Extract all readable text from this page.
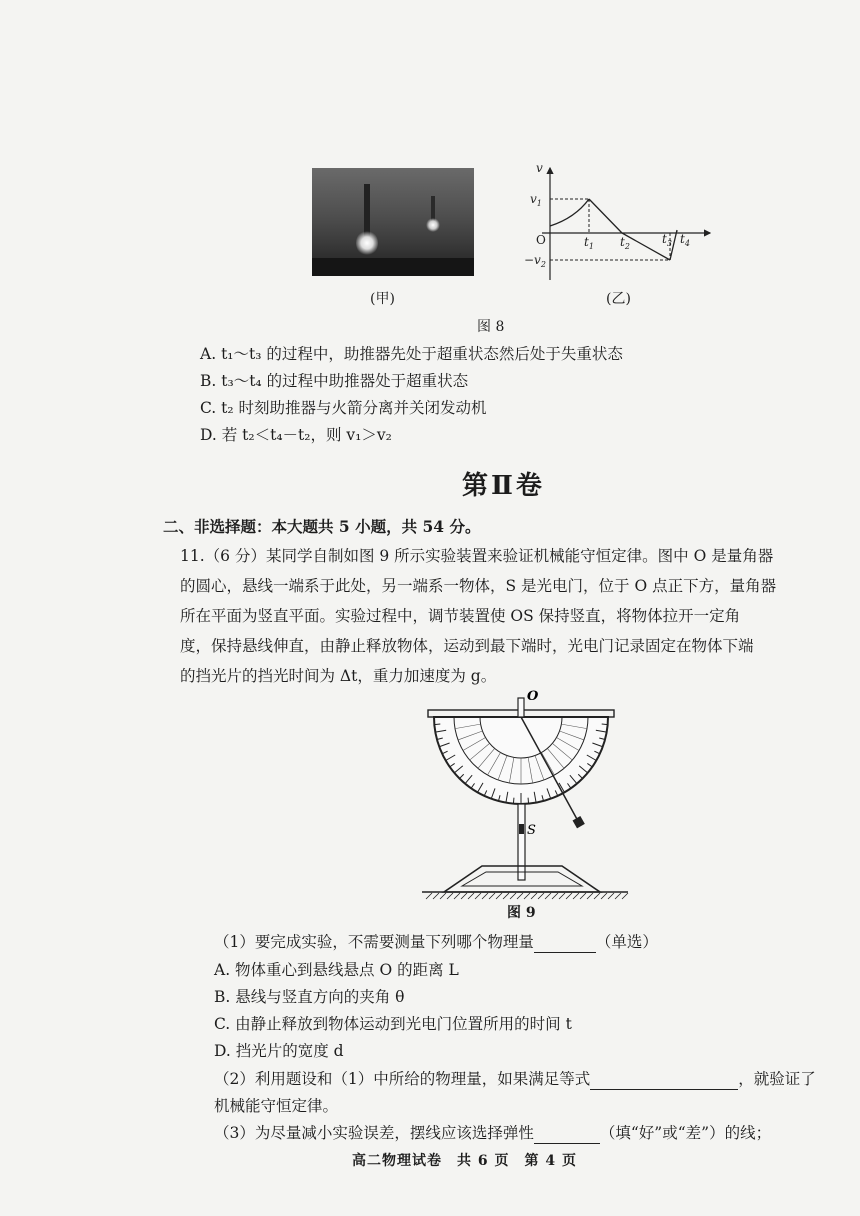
(甲)
v
$v_1$
O	$t_1$ $t_2$
$t_3$ $t_4$
$-v_2$
(乙)
图 8
A. t₁～t₃ 的过程中，助推器先处于超重状态然后处于失重状态
B. t₃～t₄ 的过程中助推器处于超重状态
C. t₂ 时刻助推器与火箭分离并关闭发动机
D. 若 t₂＜t₄－t₂，则 v₁＞v₂
第Ⅱ卷
二、非选择题：本大题共 5 小题，共 54 分。
11.（6 分）某同学自制如图 9 所示实验装置来验证机械能守恒定律。图中 O 是量角器
的圆心，悬线一端系于此处，另一端系一物体，S 是光电门，位于 O 点正下方，量角器
所在平面为竖直平面。实验过程中，调节装置使 OS 保持竖直，将物体拉开一定角
度，保持悬线伸直，由静止释放物体，运动到最下端时，光电门记录固定在物体下端
的挡光片的挡光时间为 Δt，重力加速度为 g。
O
S
图 9
（1）要完成实验，不需要测量下列哪个物理量	（单选）
A. 物体重心到悬线悬点 O 的距离 L
B. 悬线与竖直方向的夹角 θ
C. 由静止释放到物体运动到光电门位置所用的时间 t
D. 挡光片的宽度 d
（2）利用题设和（1）中所给的物理量，如果满足等式	，就验证了
机械能守恒定律。
（3）为尽量减小实验误差，摆线应该选择弹性	（填“好”或“差”）的线；
高二物理试卷　共 6 页　第 4 页
